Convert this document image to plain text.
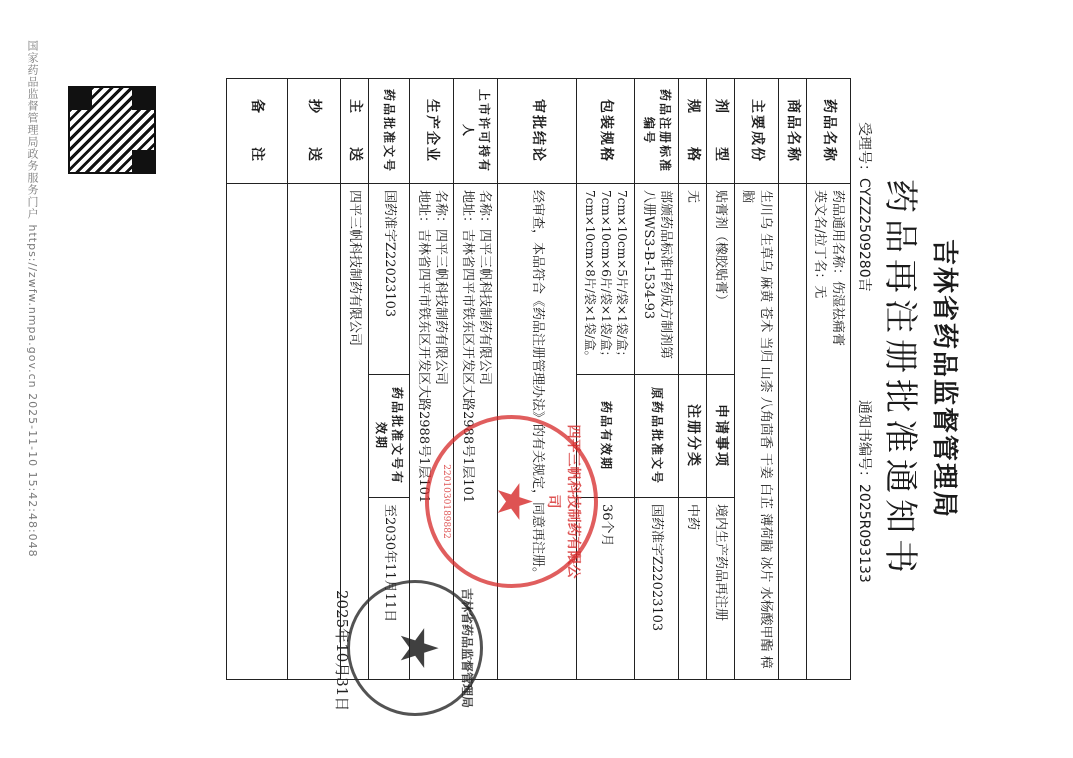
国家药品监督管理局政务服务门户 https://zwfw.nmpa.gov.cn 2025-11-10 15:42:48:048	吉林省药品监督管理局
药品再注册批准通知书
受理号：CYZZ2509280吉
通知书编号：2025R093133
药品名称	药品通用名称：伤湿祛痛膏
英文名/拉丁名：无		

商品名称			
主要成份	生川乌 生草乌 麻黄 苍术 当归 山柰 八角茴香 干姜 白芷 薄荷脑 冰片 水杨酸甲酯 樟脑		
剂　　型	贴膏剂（橡胶贴膏）	申请事项	境内生产药品再注册
规　　格	无	注册分类	中药
药品注册标准编号	部颁药品标准中药成方制剂第八册WS3-B-1534-93	原药品批准文号	国药准字Z22023103
包装规格	7cm×10cm×5片/袋×1袋/盒；7cm×10cm×6片/袋×1袋/盒；7cm×10cm×8片/袋×1袋/盒。	药品有效期	36个月
审批结论	经审查，本品符合《药品注册管理办法》的有关规定，同意再注册。		
上市许可持有人	名称：四平三帆科技制药有限公司
地址：吉林省四平市铁东区开发区大路2988号1层101		

生产企业	名称：四平三帆科技制药有限公司
地址：吉林省四平市铁东区开发区大路2988号1层101		

药品批准文号	国药准字Z22023103	药品批准文号有效期	至2030年11月11日
主　　送	四平三帆科技制药有限公司		
抄　　送			
备　　注			
四平三帆科技制药有限公司
★
2201030189882
吉林省药品监督管理局
★
2025年10月31日
